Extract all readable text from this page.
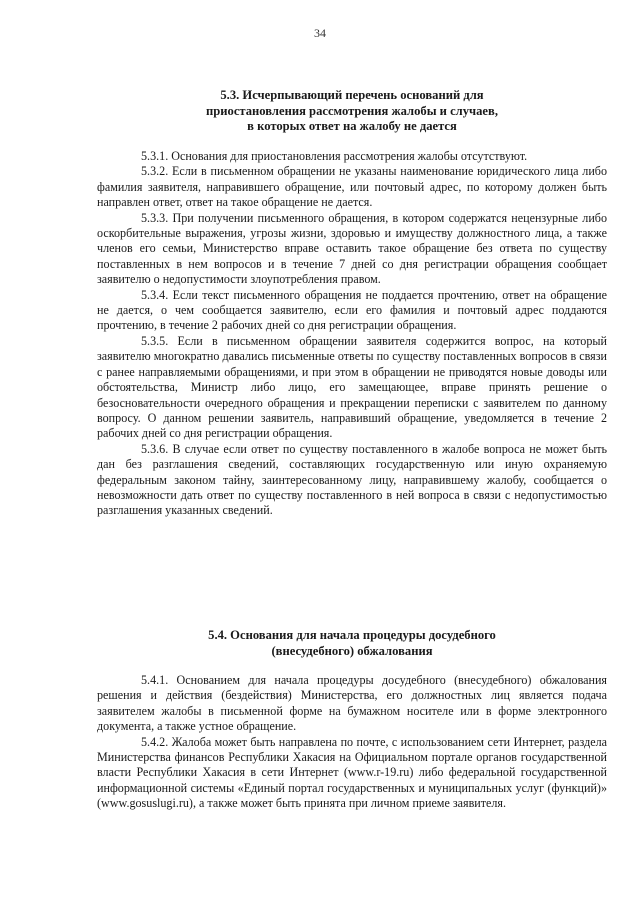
34
5.3. Исчерпывающий перечень оснований для
приостановления рассмотрения жалобы и случаев,
в которых ответ на жалобу не дается

5.3.1. Основания для приостановления рассмотрения жалобы отсутствуют.

5.3.2. Если в письменном обращении не указаны наименование юридического лица либо фамилия заявителя, направившего обращение, или почтовый адрес, по которому должен быть направлен ответ, ответ на такое обращение не дается.

5.3.3. При получении письменного обращения, в котором содержатся нецензурные либо оскорбительные выражения, угрозы жизни, здоровью и имуществу должностного лица, а также членов его семьи, Министерство вправе оставить такое обращение без ответа по существу поставленных в нем вопросов и в течение 7 дней со дня регистрации обращения сообщает заявителю о недопустимости злоупотребления правом.

5.3.4. Если текст письменного обращения не поддается прочтению, ответ на обращение не дается, о чем сообщается заявителю, если его фамилия и почтовый адрес поддаются прочтению, в течение 2 рабочих дней со дня регистрации обращения.

5.3.5. Если в письменном обращении заявителя содержится вопрос, на который заявителю многократно давались письменные ответы по существу поставленных вопросов в связи с ранее направляемыми обращениями, и при этом в обращении не приводятся новые доводы или обстоятельства, Министр либо лицо, его замещающее, вправе принять решение о безосновательности очередного обращения и прекращении переписки с заявителем по данному вопросу. О данном решении заявитель, направивший обращение, уведомляется в течение 2 рабочих дней со дня регистрации обращения.

5.3.6. В случае если ответ по существу поставленного в жалобе вопроса не может быть дан без разглашения сведений, составляющих государственную или иную охраняемую федеральным законом тайну, заинтересованному лицу, направившему жалобу, сообщается о невозможности дать ответ по существу поставленного в ней вопроса в связи с недопустимостью разглашения указанных сведений.

5.4. Основания для начала процедуры досудебного
(внесудебного) обжалования

5.4.1. Основанием для начала процедуры досудебного (внесудебного) обжалования решения и действия (бездействия) Министерства, его должностных лиц является подача заявителем жалобы в письменной форме на бумажном носителе или в форме электронного документа, а также устное обращение.

5.4.2. Жалоба может быть направлена по почте, с использованием сети Интернет, раздела Министерства финансов Республики Хакасия на Официальном портале органов государственной власти Республики Хакасия в сети Интернет (www.r-19.ru) либо федеральной государственной информационной системы «Единый портал государственных и муниципальных услуг (функций)» (www.gosuslugi.ru), а также может быть принята при личном приеме заявителя.
